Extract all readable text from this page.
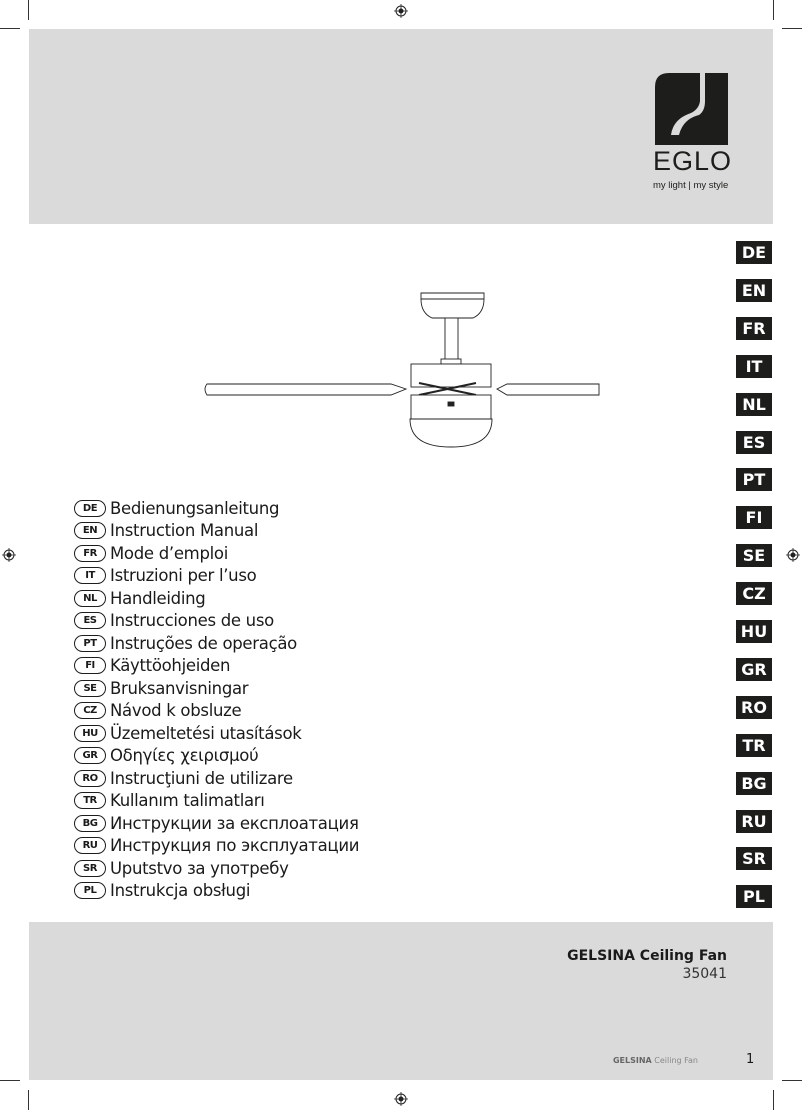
EGLO
my light | my style
DE
EN
FR
IT
NL
ES
PT
FI
SE
CZ
HU
GR
RO
TR
BG
RU
SR
PL
DE Bedienungsanleitung
EN Instruction Manual
FR Mode d’emploi
IT Istruzioni per l’uso
NL Handleiding
ES Instrucciones de uso
PT Instruções de operação
FI Käyttöohjeiden
SE Bruksanvisningar
CZ Návod k obsluze
HU Üzemeltetési utasítások
GR Οδηγίες χειρισμού
RO Instrucţiuni de utilizare
TR Kullanım talimatları
BG Инструкции за експлоатация
RU Инструкция по эксплуатации
SR Uputstvo за употребу
PL Instrukcja obsługi
GELSINA Ceiling Fan
35041
GELSINA Ceiling Fan	1
